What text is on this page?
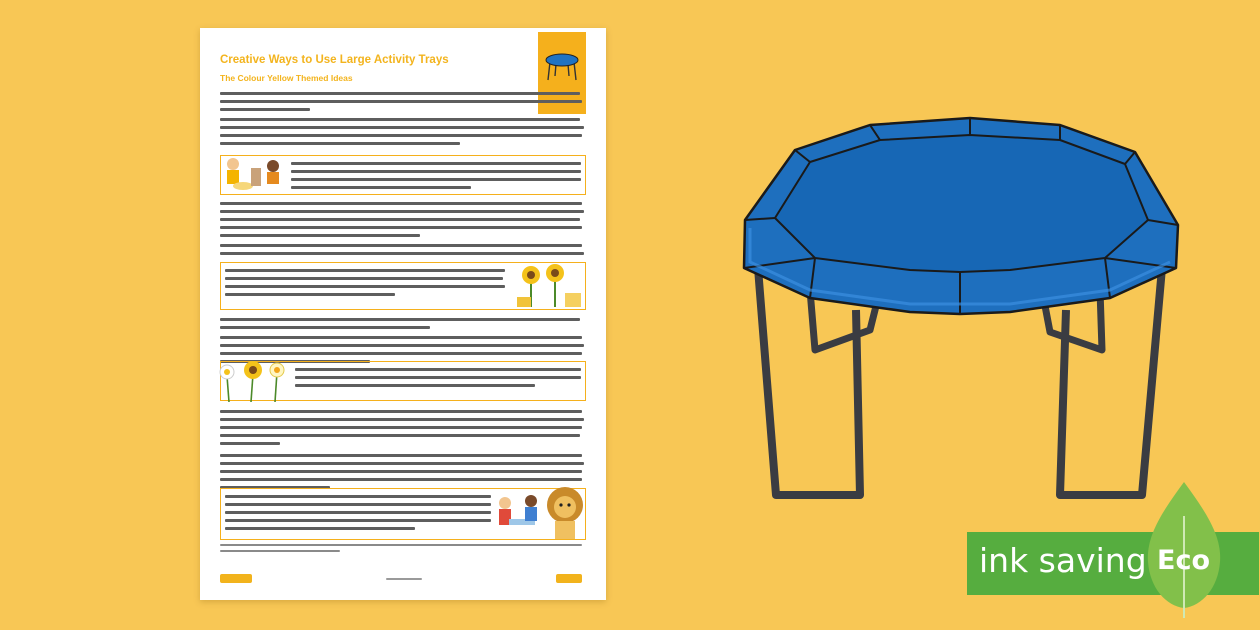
Creative Ways to Use Large Activity Trays
The Colour Yellow Themed Ideas
ink saving Eco
